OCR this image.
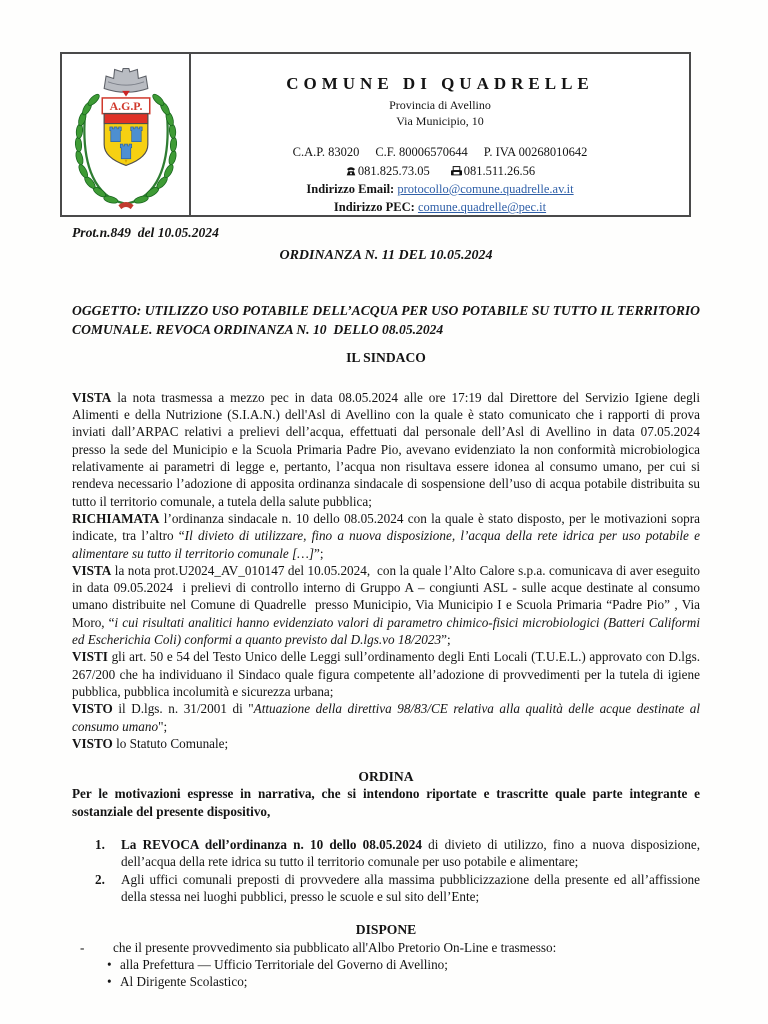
A.G.P.
COMUNE DI QUADRELLE
Provincia di Avellino
Via Municipio, 10
C.A.P. 83020 C.F. 80006570644 P. IVA 00268010642
081.825.73.05	081.511.26.56
Indirizzo Email: protocollo@comune.quadrelle.av.it
Indirizzo PEC: comune.quadrelle@pec.it
Prot.n.849  del 10.05.2024
ORDINANZA N. 11 DEL 10.05.2024
OGGETTO: UTILIZZO USO POTABILE DELL’ACQUA PER USO POTABILE SU TUTTO IL TERRITORIO COMUNALE. REVOCA ORDINANZA N. 10  DELLO 08.05.2024
IL SINDACO

VISTA la nota trasmessa a mezzo pec in data 08.05.2024 alle ore 17:19 dal Direttore del Servizio Igiene degli Alimenti e della Nutrizione (S.I.A.N.) dell'Asl di Avellino con la quale è stato comunicato che i rapporti di prova inviati dall’ARPAC relativi a prelievi dell’acqua, effettuati dal personale dell’Asl di Avellino in data 07.05.2024 presso la sede del Municipio e la Scuola Primaria Padre Pio, avevano evidenziato la non conformità microbiologica relativamente ai parametri di legge e, pertanto, l’acqua non risultava essere idonea al consumo umano, per cui si rendeva necessario l’adozione di apposita ordinanza sindacale di sospensione dell’uso di acqua potabile distribuita su tutto il territorio comunale, a tutela della salute pubblica;

RICHIAMATA l’ordinanza sindacale n. 10 dello 08.05.2024 con la quale è stato disposto, per le motivazioni sopra indicate, tra l’altro “Il divieto di utilizzare, fino a nuova disposizione, l’acqua della rete idrica per uso potabile e alimentare su tutto il territorio comunale […]”;

VISTA la nota prot.U2024_AV_010147 del 10.05.2024,  con la quale l’Alto Calore s.p.a. comunicava di aver eseguito in data 09.05.2024  i prelievi di controllo interno di Gruppo A – congiunti ASL - sulle acque destinate al consumo umano distribuite nel Comune di Quadrelle  presso Municipio, Via Municipio I e Scuola Primaria “Padre Pio” , Via Moro, “i cui risultati analitici hanno evidenziato valori di parametro chimico-fisici microbiologici (Batteri Califormi ed Escherichia Coli) conformi a quanto previsto dal D.lgs.vo 18/2023”;

VISTI gli art. 50 e 54 del Testo Unico delle Leggi sull’ordinamento degli Enti Locali (T.U.E.L.) approvato con D.lgs. 267/200 che ha individuano il Sindaco quale figura competente all’adozione di provvedimenti per la tutela di igiene pubblica, pubblica incolumità e sicurezza urbana;

VISTO il D.lgs. n. 31/2001 di "Attuazione della direttiva 98/83/CE relativa alla qualità delle acque destinate al consumo umano";

VISTO lo Statuto Comunale;

ORDINA
Per le motivazioni espresse in narrativa, che si intendono riportate e trascritte quale parte integrante e sostanziale del presente dispositivo,
1.	La REVOCA dell’ordinanza n. 10 dello 08.05.2024 di divieto di utilizzo, fino a nuova disposizione, dell’acqua della rete idrica su tutto il territorio comunale per uso potabile e alimentare;
2.	Agli uffici comunali preposti di provvedere alla massima pubblicizzazione della presente ed all’affissione della stessa nei luoghi pubblici, presso le scuole e sul sito dell’Ente;
DISPONE
-	che il presente provvedimento sia pubblicato all'Albo Pretorio On-Line e trasmesso:
• alla Prefettura — Ufficio Territoriale del Governo di Avellino;
• Al Dirigente Scolastico;
